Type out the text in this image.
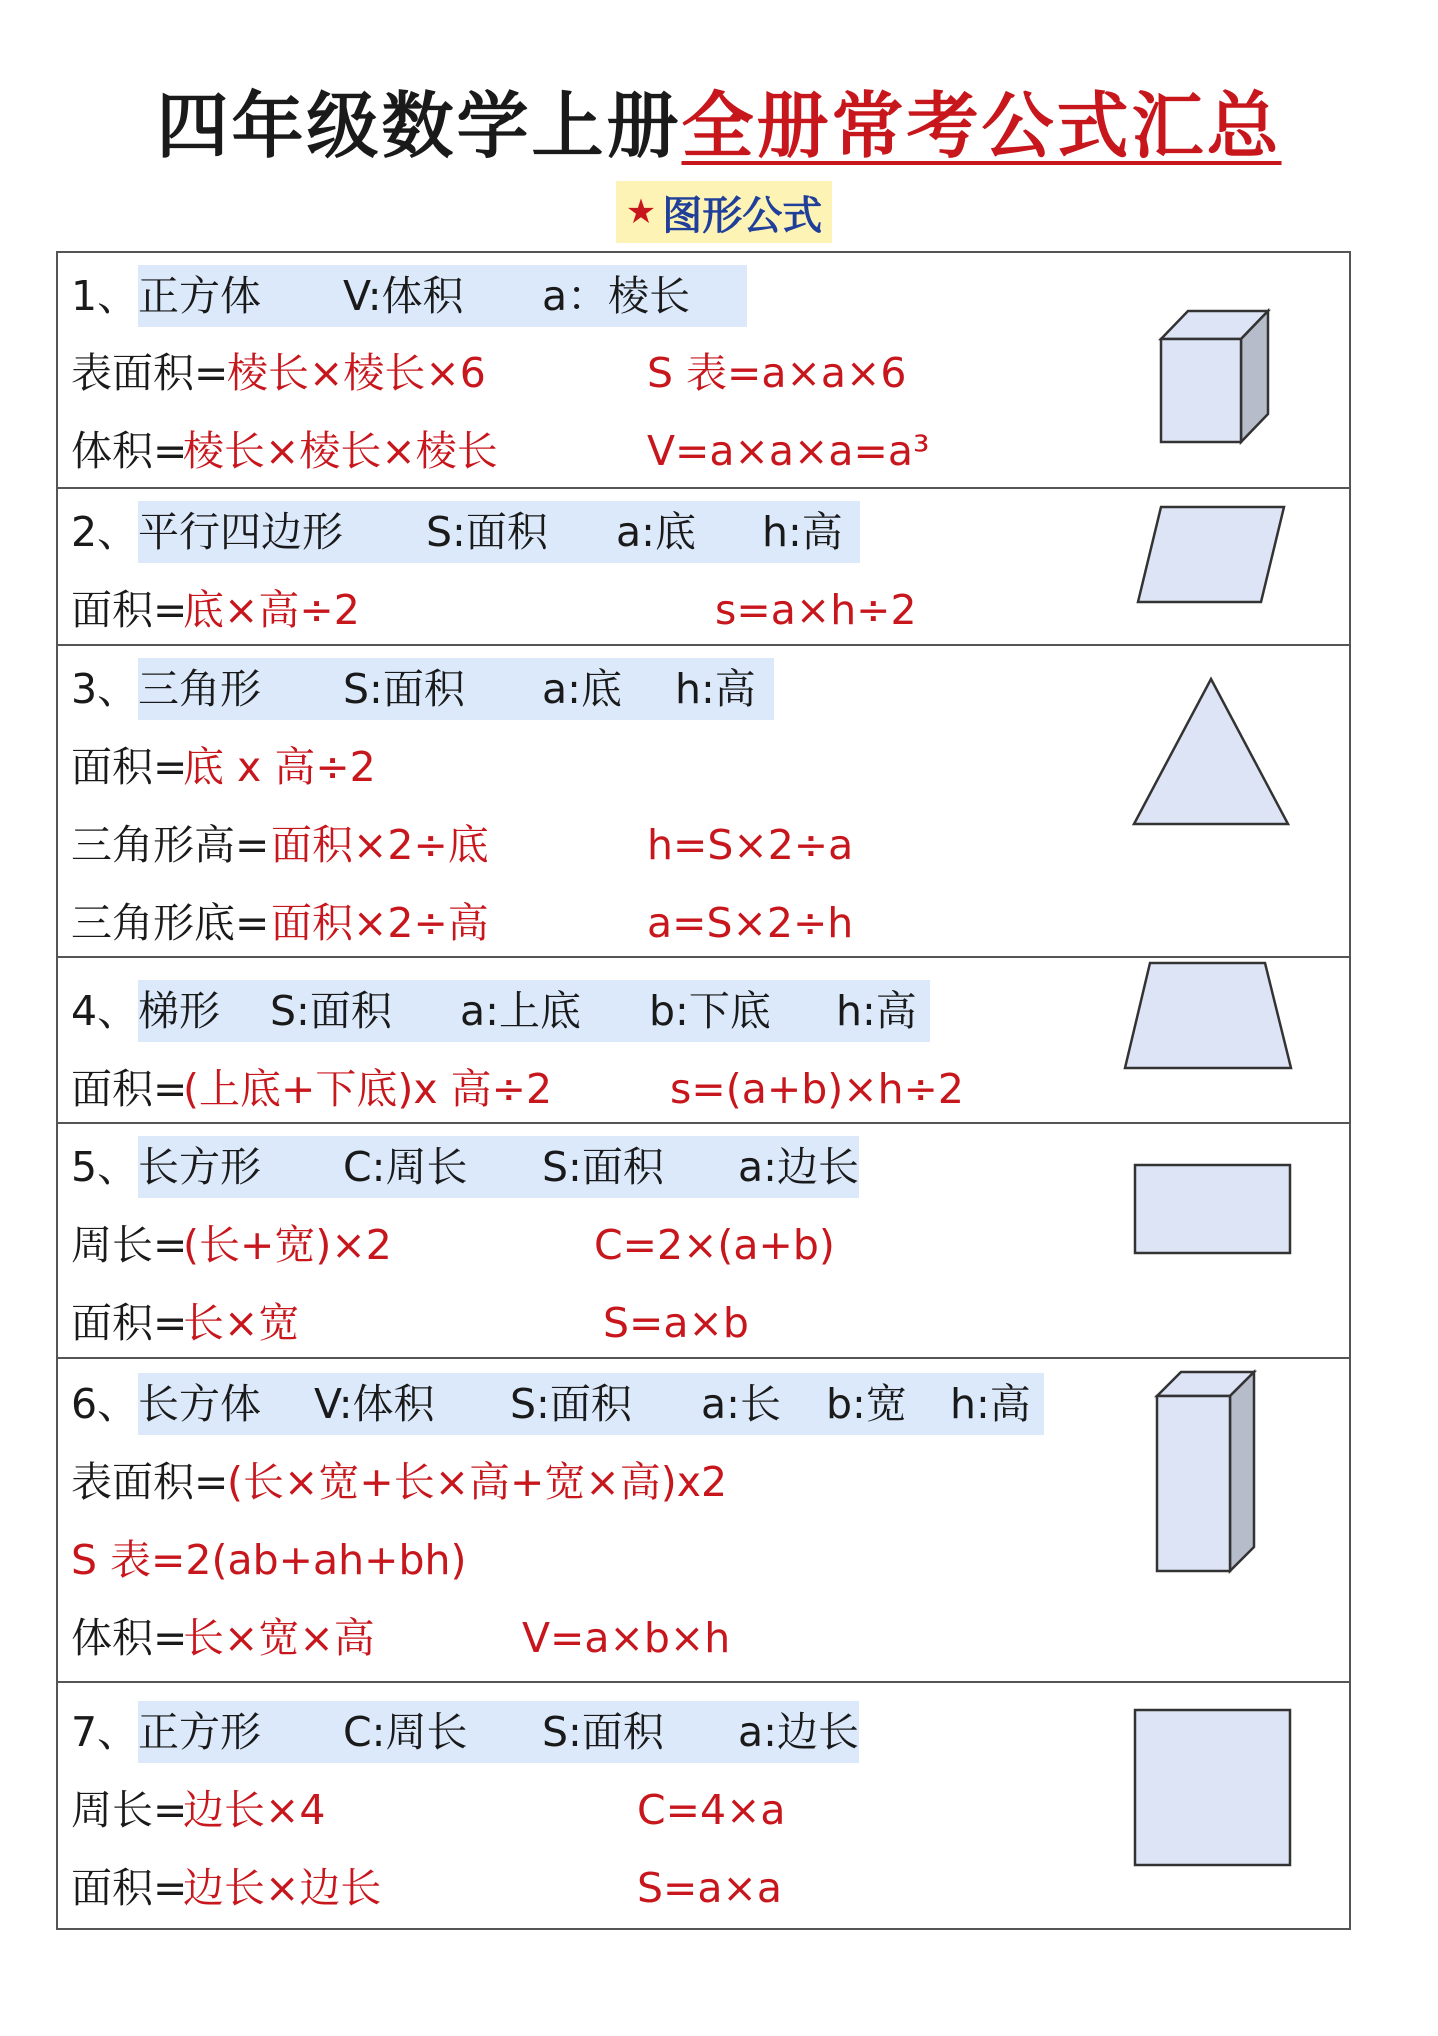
四年级数学上册全册常考公式汇总
★ 图形公式
1、 正方体 V:体积 a：棱长
表面积=
棱长×棱长×6	S 表=a×a×6
体积=
棱长×棱长×棱长	V=a×a×a=a³
2、 平行四边形 S:面积 a:底 h:高
面积=
底×高÷2	s=a×h÷2
3、 三角形 S:面积 a:底 h:高
面积=
底 x 高÷2
三角形高= 面积×2÷底	h=S×2÷a
三角形底= 面积×2÷高	a=S×2÷h
4、 梯形 S:面积 a:上底 b:下底 h:高
面积=
(上底+下底)x 高÷2	s=(a+b)×h÷2
5、 长方形 C:周长 S:面积 a:边长
周长=
(长+宽)×2	C=2×(a+b)
面积=
长×宽	S=a×b
6、 长方体 V:体积 S:面积 a:长 b:宽 h:高
表面积=
(长×宽+长×高+宽×高)x2
S 表=2(ab+ah+bh)
体积=
长×宽×高	V=a×b×h
7、 正方形 C:周长 S:面积 a:边长
周长=
边长×4	C=4×a
面积=
边长×边长	S=a×a
